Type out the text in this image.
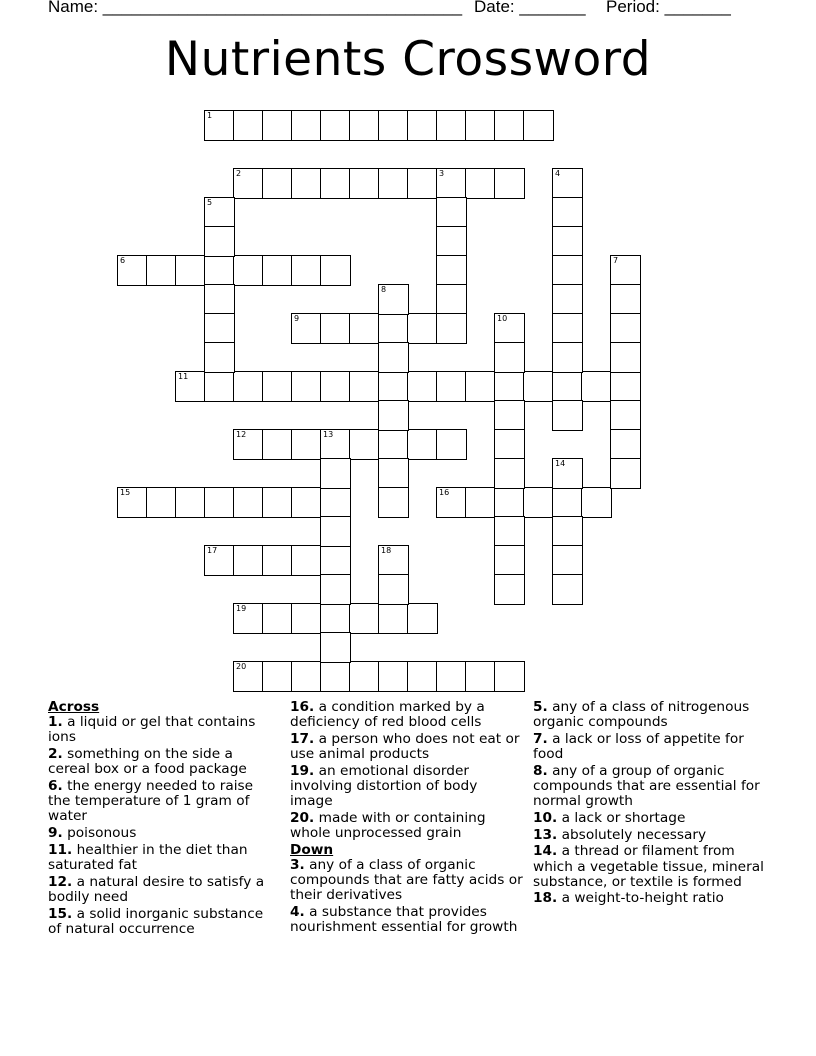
Name: ______________________________________ Date: _______ Period: _______
Nutrients Crossword
1
2	3
6
9
11
12	13
15	16
17
19
20
4
5
7
8
10
14
18
Across
1. a liquid or gel that contains ions
2. something on the side a cereal box or a food package
6. the energy needed to raise the temperature of 1 gram of water
9. poisonous
11. healthier in the diet than saturated fat
12. a natural desire to satisfy a bodily need
15. a solid inorganic substance of natural occurrence
16. a condition marked by a deficiency of red blood cells
17. a person who does not eat or use animal products
19. an emotional disorder involving distortion of body image
20. made with or containing whole unprocessed grain
Down
3. any of a class of organic compounds that are fatty acids or their derivatives
4. a substance that provides nourishment essential for growth
5. any of a class of nitrogenous organic compounds
7. a lack or loss of appetite for food
8. any of a group of organic compounds that are essential for normal growth
10. a lack or shortage
13. absolutely necessary
14. a thread or filament from which a vegetable tissue, mineral substance, or textile is formed
18. a weight-to-height ratio
